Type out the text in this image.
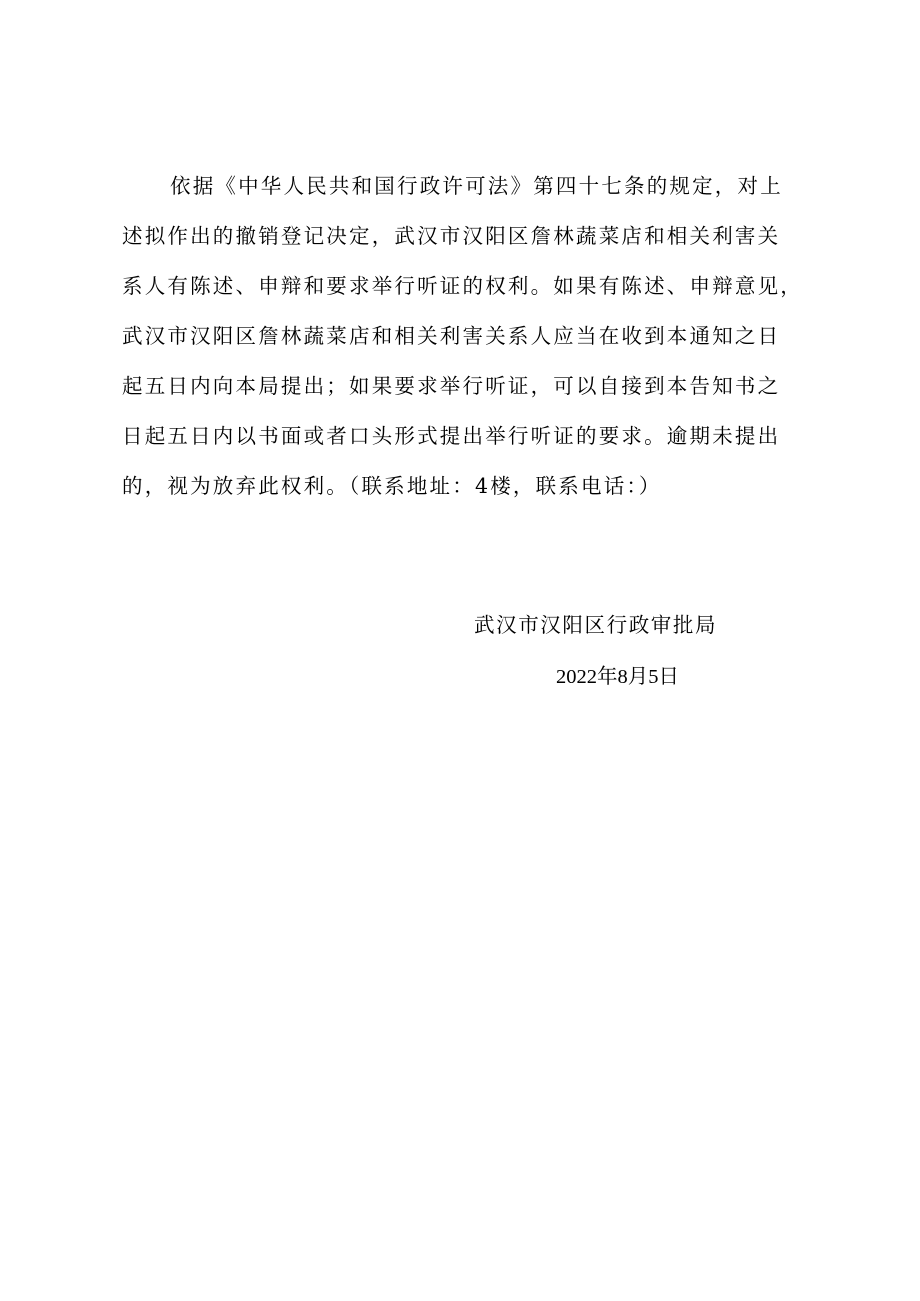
依据《中华人民共和国行政许可法》第四十七条的规定，对上
述拟作出的撤销登记决定，武汉市汉阳区詹林蔬菜店和相关利害关
系人有陈述、申辩和要求举行听证的权利。如果有陈述、申辩意见，
武汉市汉阳区詹林蔬菜店和相关利害关系人应当在收到本通知之日
起五日内向本局提出；如果要求举行听证，可以自接到本告知书之
日起五日内以书面或者口头形式提出举行听证的要求。逾期未提出
的，视为放弃此权利。（联系地址：4楼，联系电话：）
武汉市汉阳区行政审批局
2022年8月5日
